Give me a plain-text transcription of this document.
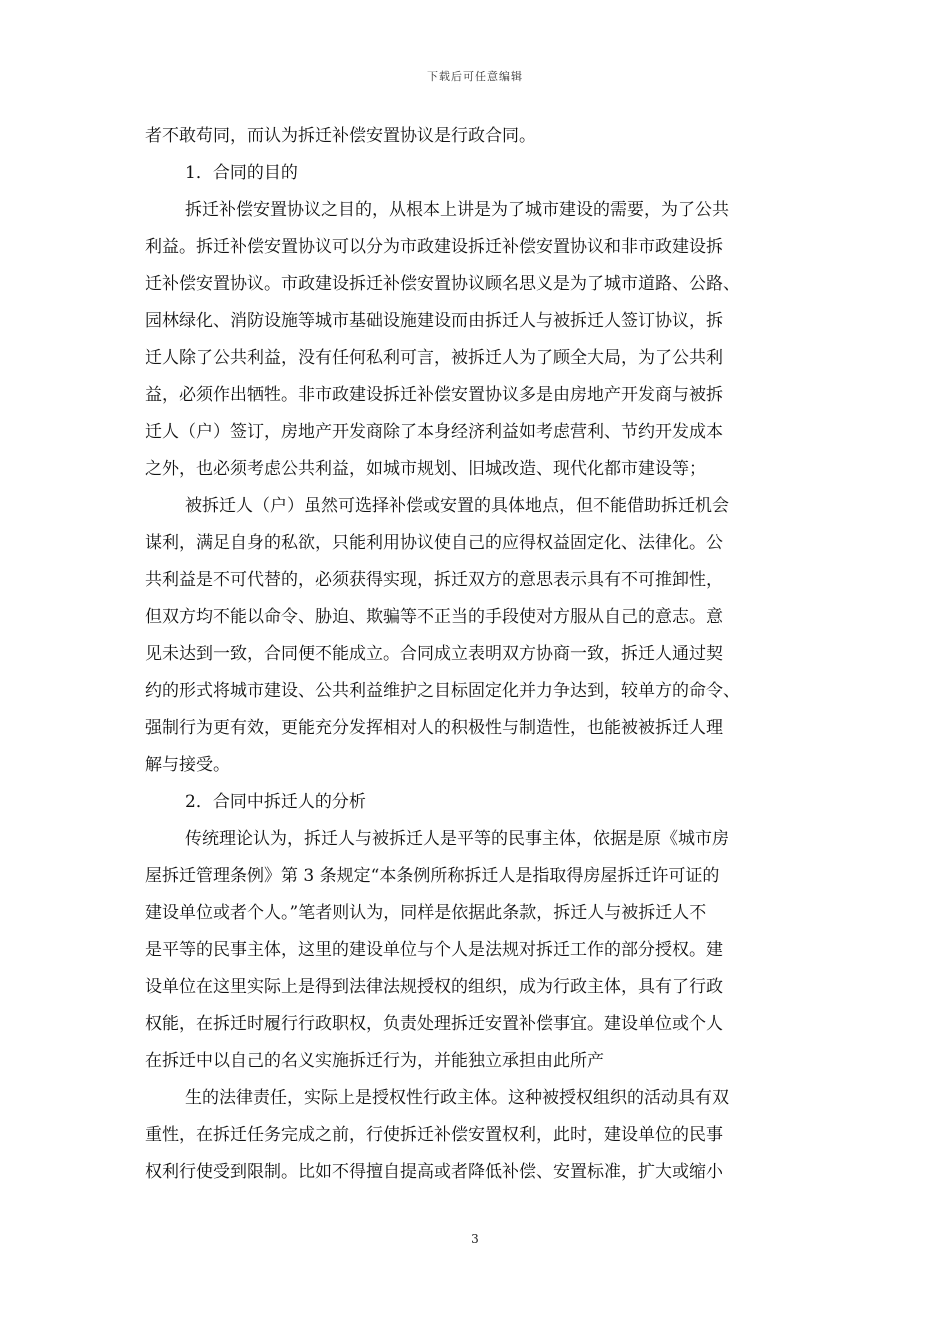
下载后可任意编辑
者不敢苟同，而认为拆迁补偿安置协议是行政合同。
1．合同的目的
拆迁补偿安置协议之目的，从根本上讲是为了城市建设的需要，为了公共
利益。拆迁补偿安置协议可以分为市政建设拆迁补偿安置协议和非市政建设拆
迁补偿安置协议。市政建设拆迁补偿安置协议顾名思义是为了城市道路、公路、
园林绿化、消防设施等城市基础设施建设而由拆迁人与被拆迁人签订协议，拆
迁人除了公共利益，没有任何私利可言，被拆迁人为了顾全大局，为了公共利
益，必须作出牺牲。非市政建设拆迁补偿安置协议多是由房地产开发商与被拆
迁人（户）签订，房地产开发商除了本身经济利益如考虑营利、节约开发成本
之外，也必须考虑公共利益，如城市规划、旧城改造、现代化都市建设等；
被拆迁人（户）虽然可选择补偿或安置的具体地点，但不能借助拆迁机会
谋利，满足自身的私欲，只能利用协议使自己的应得权益固定化、法律化。公
共利益是不可代替的，必须获得实现，拆迁双方的意思表示具有不可推卸性，
但双方均不能以命令、胁迫、欺骗等不正当的手段使对方服从自己的意志。意
见未达到一致，合同便不能成立。合同成立表明双方协商一致，拆迁人通过契
约的形式将城市建设、公共利益维护之目标固定化并力争达到，较单方的命令、
强制行为更有效，更能充分发挥相对人的积极性与制造性，也能被被拆迁人理
解与接受。
2．合同中拆迁人的分析
传统理论认为，拆迁人与被拆迁人是平等的民事主体，依据是原《城市房
屋拆迁管理条例》第 3 条规定“本条例所称拆迁人是指取得房屋拆迁许可证的
建设单位或者个人。”笔者则认为，同样是依据此条款，拆迁人与被拆迁人不
是平等的民事主体，这里的建设单位与个人是法规对拆迁工作的部分授权。建
设单位在这里实际上是得到法律法规授权的组织，成为行政主体，具有了行政
权能，在拆迁时履行行政职权，负责处理拆迁安置补偿事宜。建设单位或个人
在拆迁中以自己的名义实施拆迁行为，并能独立承担由此所产
生的法律责任，实际上是授权性行政主体。这种被授权组织的活动具有双
重性，在拆迁任务完成之前，行使拆迁补偿安置权利，此时，建设单位的民事
权利行使受到限制。比如不得擅自提高或者降低补偿、安置标准，扩大或缩小
3
